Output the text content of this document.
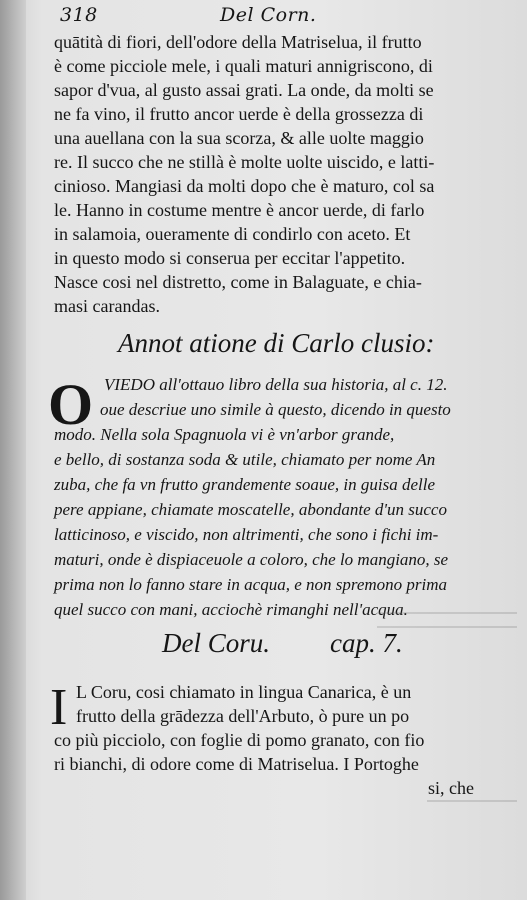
318	Del Corn.
quātità di fiori, dell'odore della Matriselua, il frutto
è come picciole mele, i quali maturi annigriscono, di
sapor d'vua, al gusto assai grati. La onde, da molti se
ne fa vino, il frutto ancor uerde è della grossezza di
una auellana con la sua scorza, & alle uolte maggio
re. Il succo che ne stillà è molte uolte uiscido, e latti-
cinioso. Mangiasi da molti dopo che è maturo, col sa
le. Hanno in costume mentre è ancor uerde, di farlo
in salamoia, oueramente di condirlo con aceto. Et
in questo modo si conserua per eccitar l'appetito.
Nasce cosi nel distretto, come in Balaguate, e chia-
masi carandas.
Annot atione di Carlo clusio:
O VIEDO all'ottauo libro della sua historia, al c. 12.
oue descriue uno simile à questo, dicendo in questo
modo. Nella sola Spagnuola vi è vn'arbor grande,
e bello, di sostanza soda & utile, chiamato per nome An
zuba, che fa vn frutto grandemente soaue, in guisa delle
pere appiane, chiamate moscatelle, abondante d'un succo
latticinoso, e viscido, non altrimenti, che sono i fichi im-
maturi, onde è dispiaceuole a coloro, che lo mangiano, se
prima non lo fanno stare in acqua, e non spremono prima
quel succo con mani, acciochè rimanghi nell'acqua.
Del Coru. cap. 7.
I L Coru, cosi chiamato in lingua Canarica, è un
frutto della grādezza dell'Arbuto, ò pure un po
co più picciolo, con foglie di pomo granato, con fio
ri bianchi, di odore come di Matriselua. I Portoghe
si, che
